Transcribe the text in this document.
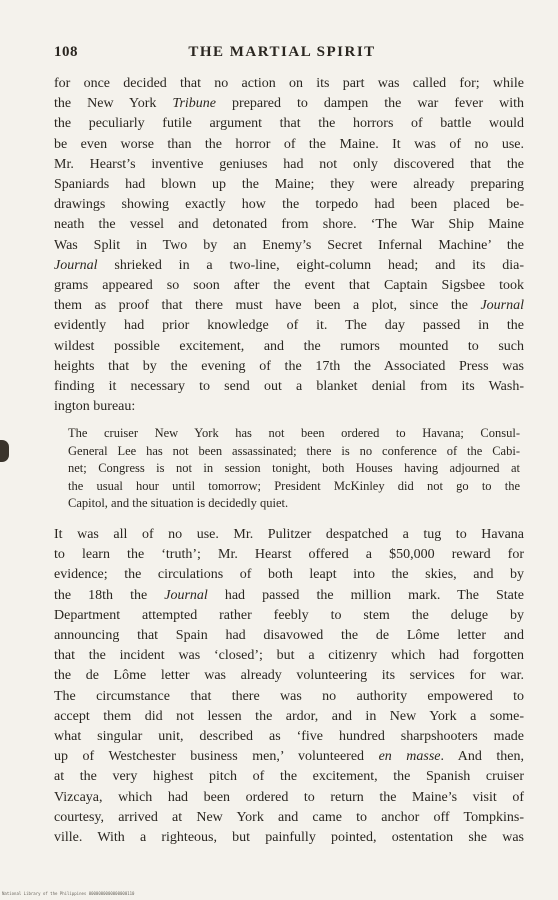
108	THE MARTIAL SPIRIT
for once decided that no action on its part was called for; while
the New York Tribune prepared to dampen the war fever with
the peculiarly futile argument that the horrors of battle would
be even worse than the horror of the Maine. It was of no use.
Mr. Hearst’s inventive geniuses had not only discovered that the
Spaniards had blown up the Maine; they were already preparing
drawings showing exactly how the torpedo had been placed be-
neath the vessel and detonated from shore. ‘The War Ship Maine
Was Split in Two by an Enemy’s Secret Infernal Machine’ the
Journal shrieked in a two-line, eight-column head; and its dia-
grams appeared so soon after the event that Captain Sigsbee took
them as proof that there must have been a plot, since the Journal
evidently had prior knowledge of it. The day passed in the
wildest possible excitement, and the rumors mounted to such
heights that by the evening of the 17th the Associated Press was
finding it necessary to send out a blanket denial from its Wash-
ington bureau:
The cruiser New York has not been ordered to Havana; Consul-
General Lee has not been assassinated; there is no conference of the Cabi-
net; Congress is not in session tonight, both Houses having adjourned at
the usual hour until tomorrow; President McKinley did not go to the
Capitol, and the situation is decidedly quiet.
It was all of no use. Mr. Pulitzer despatched a tug to Havana
to learn the ‘truth’; Mr. Hearst offered a $50,000 reward for
evidence; the circulations of both leapt into the skies, and by
the 18th the Journal had passed the million mark. The State
Department attempted rather feebly to stem the deluge by
announcing that Spain had disavowed the de Lôme letter and
that the incident was ‘closed’; but a citizenry which had forgotten
the de Lôme letter was already volunteering its services for war.
The circumstance that there was no authority empowered to
accept them did not lessen the ardor, and in New York a some-
what singular unit, described as ‘five hundred sharpshooters made
up of Westchester business men,’ volunteered en masse. And then,
at the very highest pitch of the excitement, the Spanish cruiser
Vizcaya, which had been ordered to return the Maine’s visit of
courtesy, arrived at New York and came to anchor off Tompkins-
ville. With a righteous, but painfully pointed, ostentation she was
National Library of the Philippines 0000000000000000110
